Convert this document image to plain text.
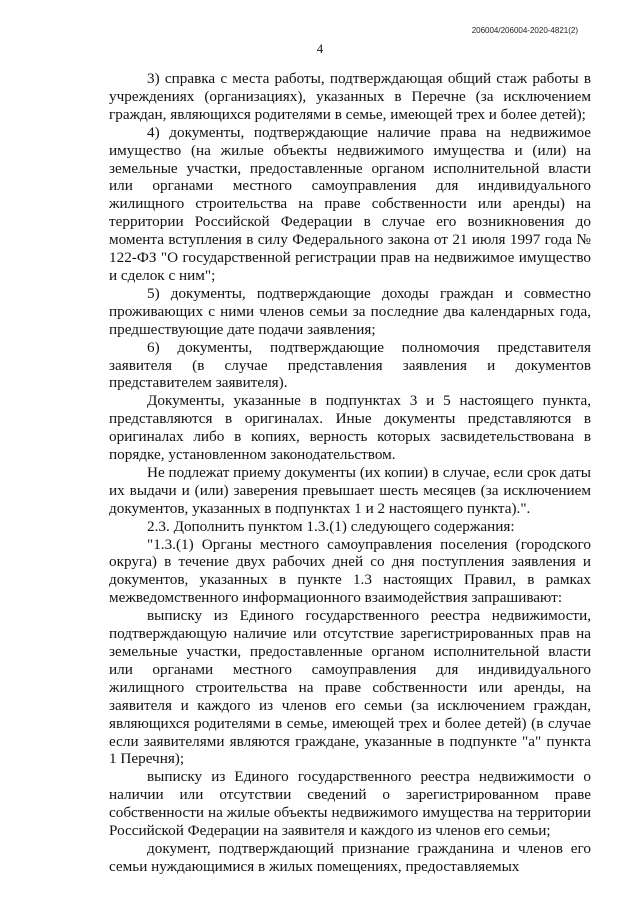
206004/206004-2020-4821(2)
4

3) справка с места работы, подтверждающая общий стаж работы в учреждениях (организациях), указанных в Перечне (за исключением граждан, являющихся родителями в семье, имеющей трех и более детей);

4) документы, подтверждающие наличие права на недвижимое имущество (на жилые объекты недвижимого имущества и (или) на земельные участки, предоставленные органом исполнительной власти или органами местного самоуправления для индивидуального жилищного строительства на праве собственности или аренды) на территории Российской Федерации в случае его возникновения до момента вступления в силу Федерального закона от 21 июля 1997 года № 122-ФЗ "О государственной регистрации прав на недвижимое имущество и сделок с ним";

5) документы, подтверждающие доходы граждан и совместно проживающих с ними членов семьи за последние два календарных года, предшествующие дате подачи заявления;

6) документы, подтверждающие полномочия представителя заявителя (в случае представления заявления и документов представителем заявителя).

Документы, указанные в подпунктах 3 и 5 настоящего пункта, представляются в оригиналах. Иные документы представляются в оригиналах либо в копиях, верность которых засвидетельствована в порядке, установленном законодательством.

Не подлежат приему документы (их копии) в случае, если срок даты их выдачи и (или) заверения превышает шесть месяцев (за исключением документов, указанных в подпунктах 1 и 2 настоящего пункта).".

2.3. Дополнить пунктом 1.3.(1) следующего содержания:

"1.3.(1) Органы местного самоуправления поселения (городского округа) в течение двух рабочих дней со дня поступления заявления и документов, указанных в пункте 1.3 настоящих Правил, в рамках межведомственного информационного взаимодействия запрашивают:

выписку из Единого государственного реестра недвижимости, подтверждающую наличие или отсутствие зарегистрированных прав на земельные участки, предоставленные органом исполнительной власти или органами местного самоуправления для индивидуального жилищного строительства на праве собственности или аренды, на заявителя и каждого из членов его семьи (за исключением граждан, являющихся родителями в семье, имеющей трех и более детей) (в случае если заявителями являются граждане, указанные в подпункте "а" пункта 1 Перечня);

выписку из Единого государственного реестра недвижимости о наличии или отсутствии сведений о зарегистрированном праве собственности на жилые объекты недвижимого имущества на территории Российской Федерации на заявителя и каждого из членов его семьи;

документ, подтверждающий признание гражданина и членов его семьи нуждающимися в жилых помещениях, предоставляемых
